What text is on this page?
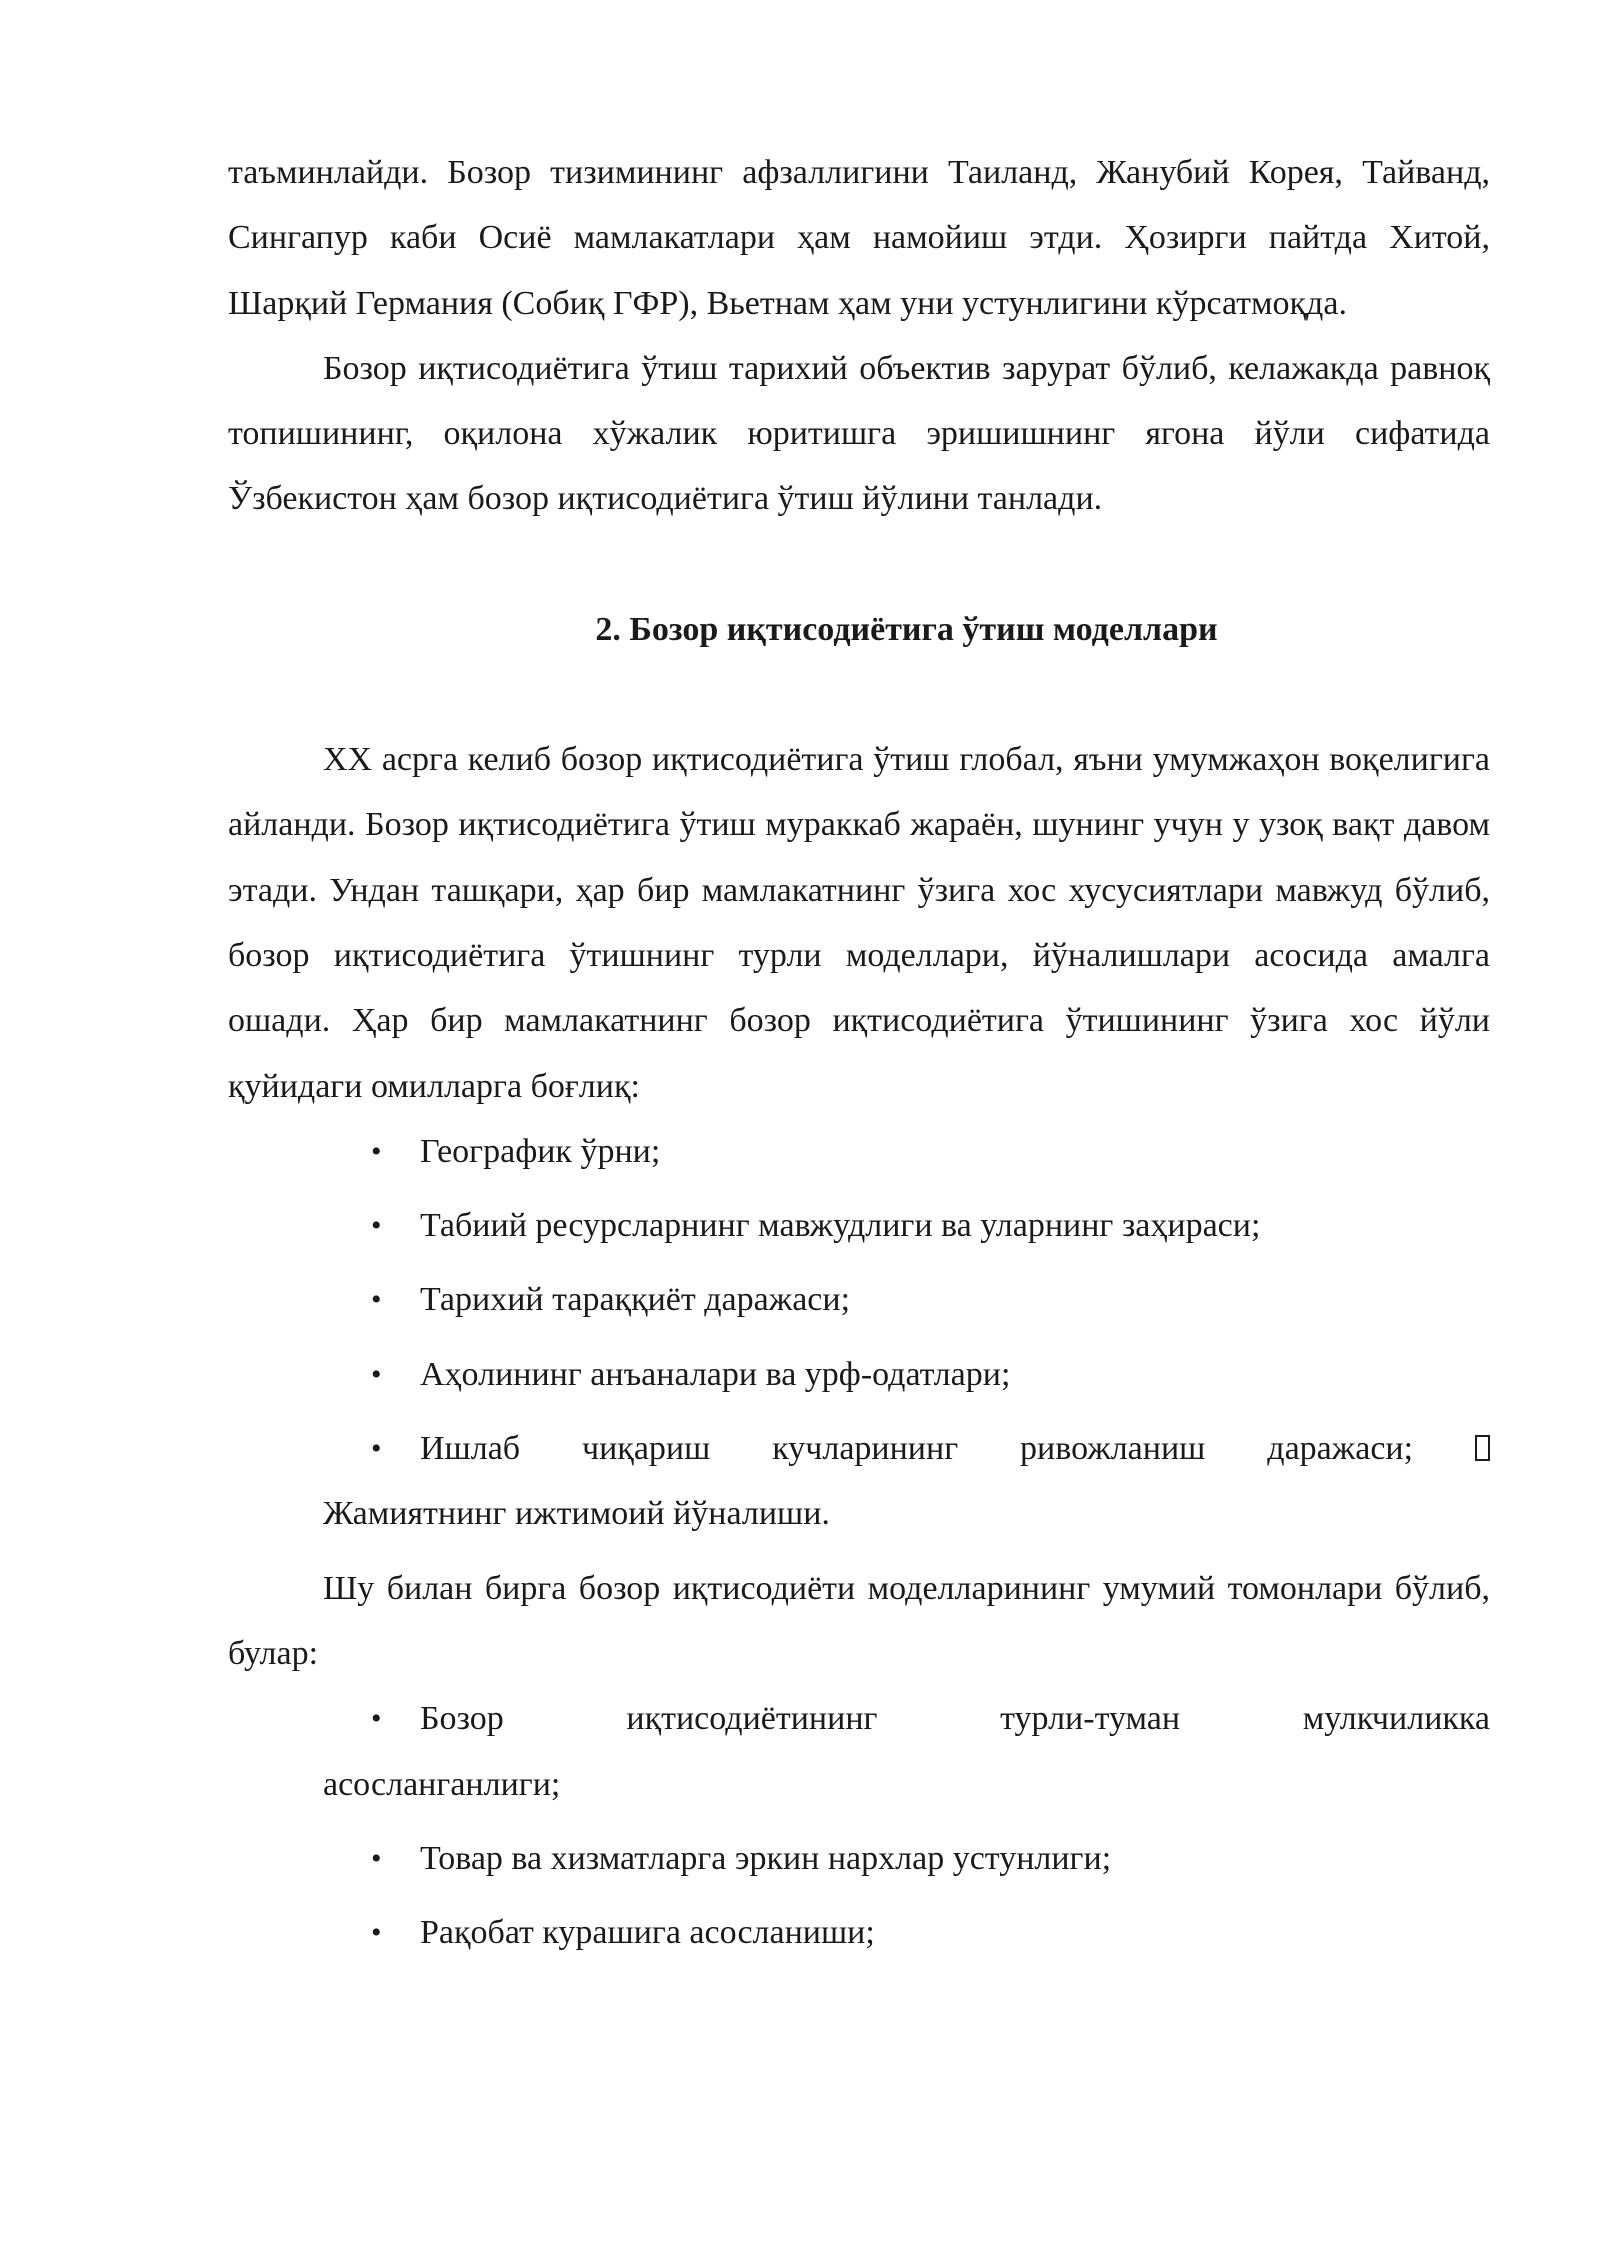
таъминлайди. Бозор тизимининг афзаллигини Таиланд, Жанубий Корея, Тайванд, Сингапур каби Осиё мамлакатлари ҳам намойиш этди. Ҳозирги пайтда Хитой, Шарқий Германия (Собиқ ГФР), Вьетнам ҳам уни устунлигини кўрсатмоқда.

Бозор иқтисодиётига ўтиш тарихий объектив зарурат бўлиб, келажакда равноқ топишининг, оқилона хўжалик юритишга эришишнинг ягона йўли сифатида Ўзбекистон ҳам бозор иқтисодиётига ўтиш йўлини танлади.

2. Бозор иқтисодиётига ўтиш моделлари

XX асрга келиб бозор иқтисодиётига ўтиш глобал, яъни умумжаҳон воқелигига айланди. Бозор иқтисодиётига ўтиш мураккаб жараён, шунинг учун у узоқ вақт давом этади. Ундан ташқари, ҳар бир мамлакатнинг ўзига хос хусусиятлари мавжуд бўлиб, бозор иқтисодиётига ўтишнинг турли моделлари, йўналишлари асосида амалга ошади. Ҳар бир мамлакатнинг бозор иқтисодиётига ўтишининг ўзига хос йўли қуйидаги омилларга боғлиқ:

• Географик ўрни;
• Табиий ресурсларнинг мавжудлиги ва уларнинг заҳираси;
• Тарихий тараққиёт даражаси;
• Аҳолининг анъаналари ва урф-одатлари;
• Ишлаб чиқариш кучларининг ривожланиш даражаси;
Жамиятнинг ижтимоий йўналиши.

Шу билан бирга бозор иқтисодиёти моделларининг умумий томонлари бўлиб, булар:

• Бозор иқтисодиётининг турли-туман мулкчиликка
асосланганлиги;
• Товар ва хизматларга эркин нархлар устунлиги;
• Рақобат курашига асосланиши;
